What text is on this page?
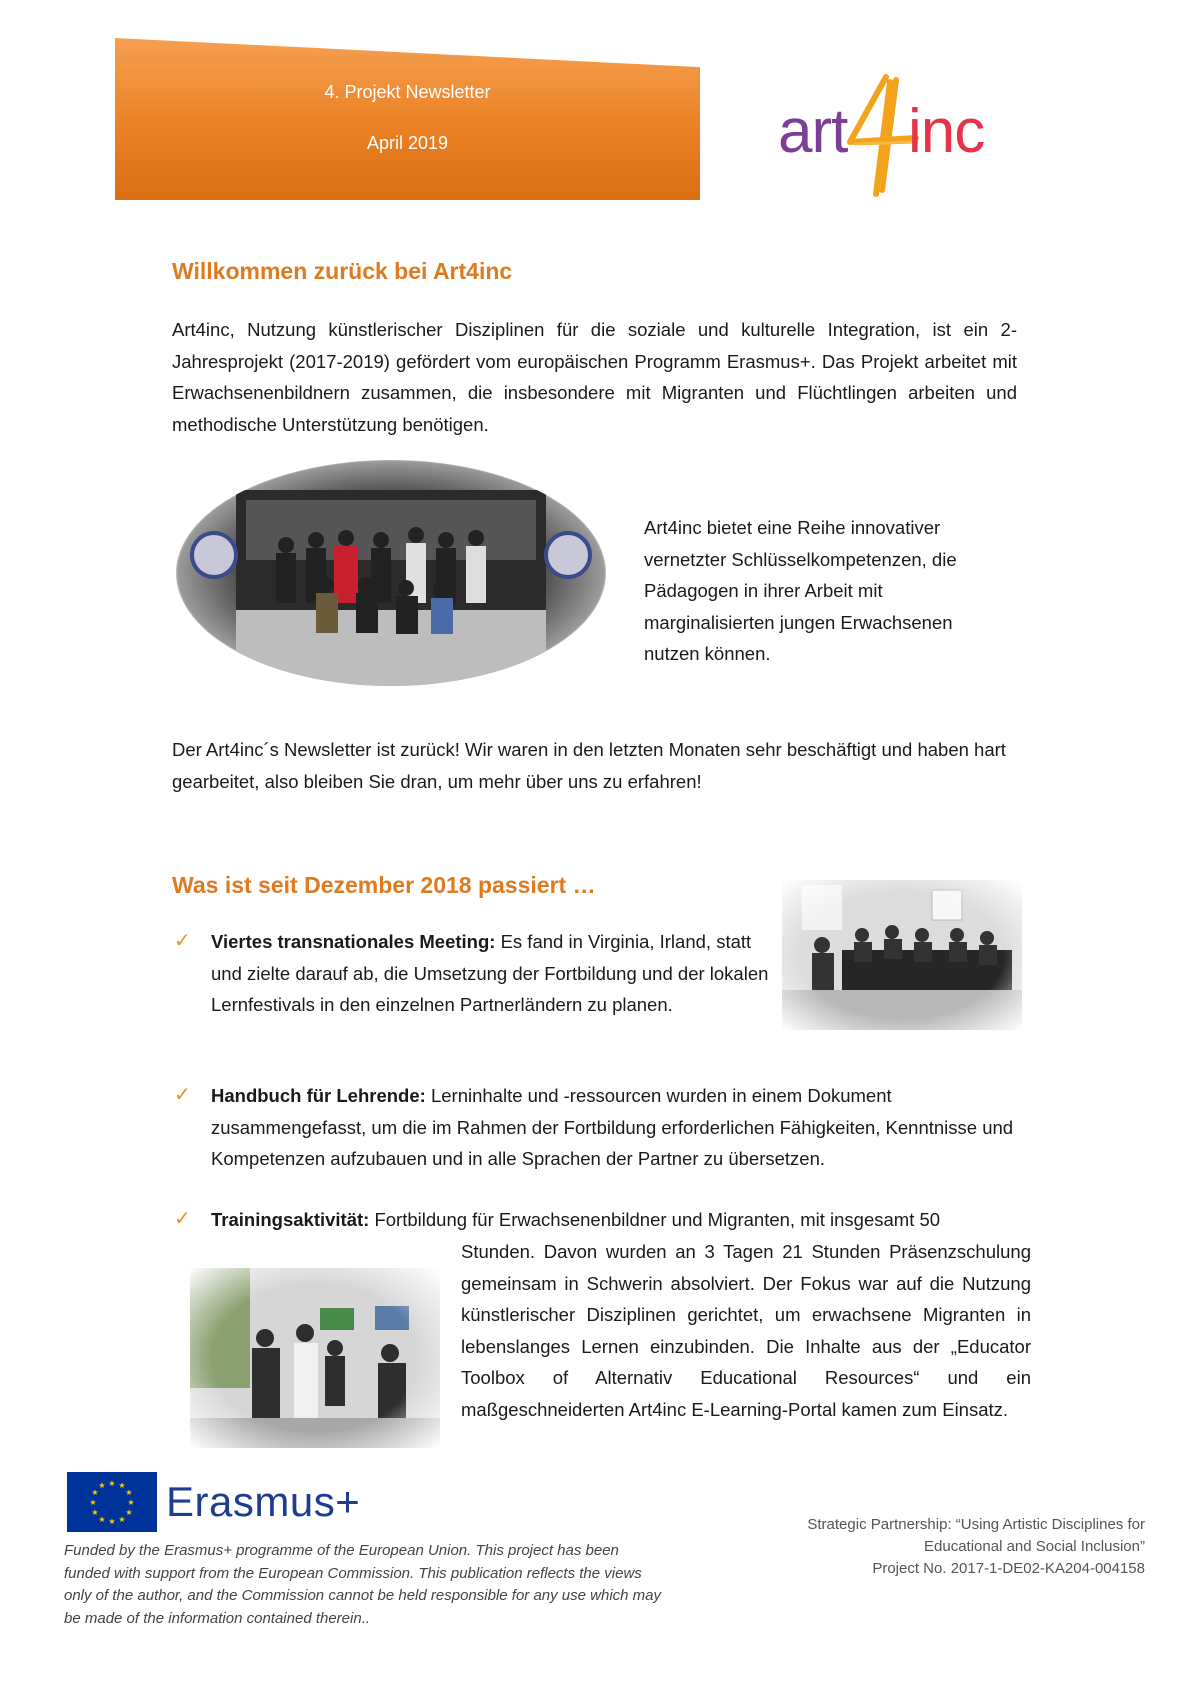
4. Projekt Newsletter
April 2019	art inc
Willkommen zurück bei Art4inc
Art4inc, Nutzung künstlerischer Disziplinen für die soziale und kulturelle Integration, ist ein 2-Jahresprojekt (2017-2019) gefördert vom europäischen Programm Erasmus+. Das Projekt arbeitet mit Erwachsenenbildnern zusammen, die insbesondere mit Migranten und Flüchtlingen arbeiten und methodische Unterstützung benötigen.
Art4inc bietet eine Reihe innovativer vernetzter Schlüsselkompetenzen, die Pädagogen in ihrer Arbeit mit marginalisierten jungen Erwachsenen nutzen können.
Der Art4inc´s Newsletter ist zurück! Wir waren in den letzten Monaten sehr beschäftigt und haben hart gearbeitet, also bleiben Sie dran, um mehr über uns zu erfahren!
Was ist seit Dezember 2018 passiert …
✓ Viertes transnationales Meeting: Es fand in Virginia, Irland, statt und zielte darauf ab, die Umsetzung der Fortbildung und der lokalen Lernfestivals in den einzelnen Partnerländern zu planen.
✓ Handbuch für Lehrende: Lerninhalte und -ressourcen wurden in einem Dokument zusammengefasst, um die im Rahmen der Fortbildung erforderlichen Fähigkeiten, Kenntnisse und Kompetenzen aufzubauen und in alle Sprachen der Partner zu übersetzen.
✓ Trainingsaktivität: Fortbildung für Erwachsenenbildner und Migranten, mit insgesamt 50
Stunden. Davon wurden an 3 Tagen 21 Stunden Präsenzschulung gemeinsam in Schwerin absolviert. Der Fokus war auf die Nutzung künstlerischer Disziplinen gerichtet, um erwachsene Migranten in lebenslanges Lernen einzubinden. Die Inhalte aus der „Educator Toolbox of Alternativ Educational Resources“ und ein maßgeschneiderten Art4inc E-Learning-Portal kamen zum Einsatz.
★ ★
★
★
★
★
★
★
★
★
★
★ Erasmus+
Funded by the Erasmus+ programme of the European Union. This project has been funded with support from the European Commission. This publication reflects the views only of the author, and the Commission cannot be held responsible for any use which may be made of the information contained therein..
Strategic Partnership: “Using Artistic Disciplines for
Educational and Social Inclusion”
Project No. 2017-1-DE02-KA204-004158
